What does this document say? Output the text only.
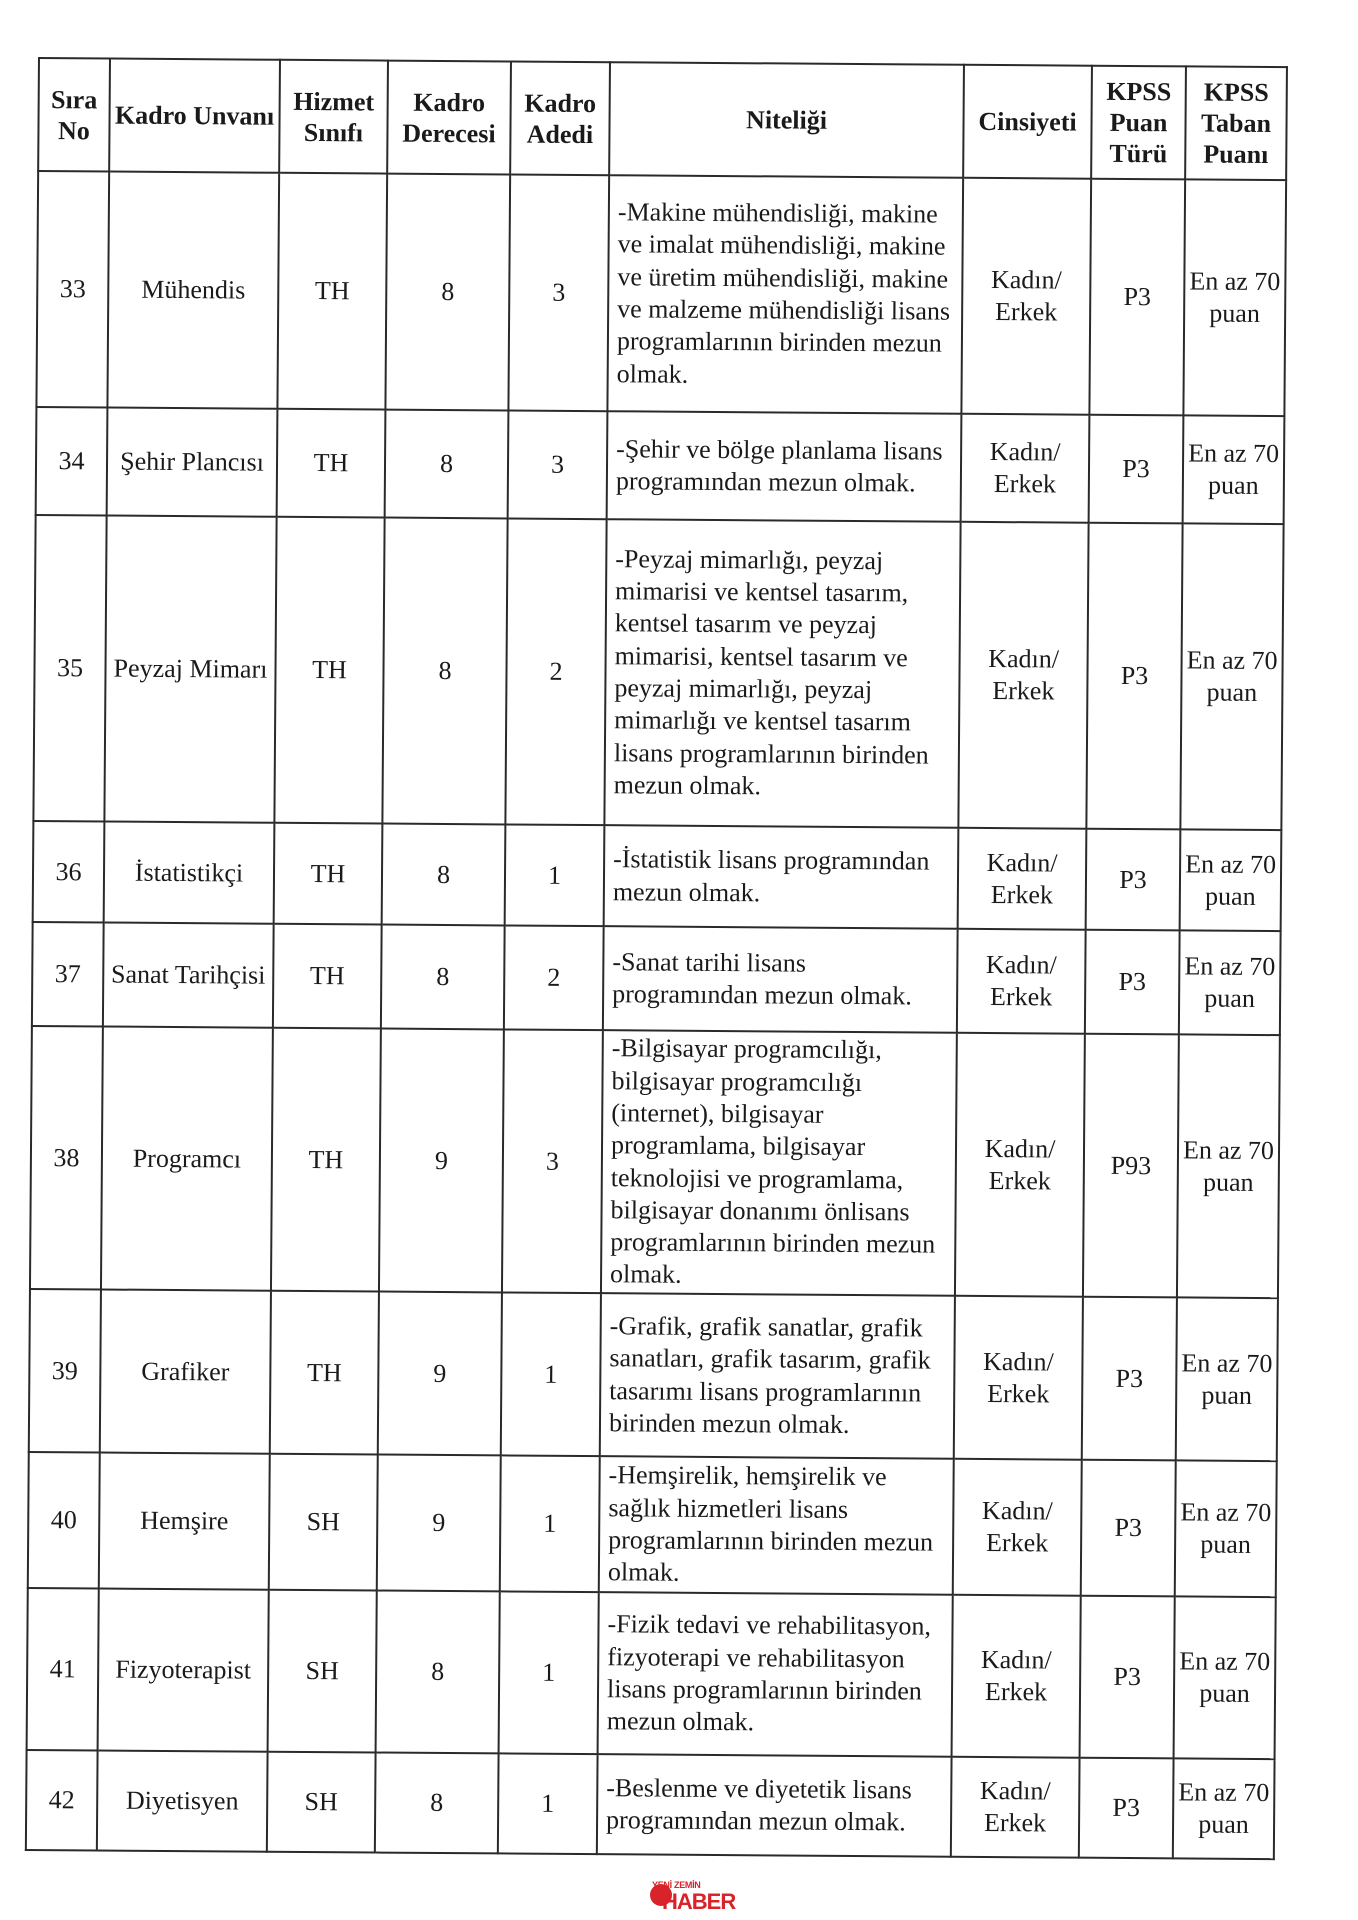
Sıra No	Kadro Unvanı	Hizmet Sınıfı	Kadro Derecesi	Kadro Adedi	Niteliği	Cinsiyeti	KPSS Puan Türü	KPSS Taban Puanı
33	Mühendis	TH	8	3	-Makine mühendisliği, makine ve imalat mühendisliği, makine ve üretim mühendisliği, makine ve malzeme mühendisliği lisans programlarının birinden mezun olmak.	Kadın/ Erkek	P3	En az 70 puan
34	Şehir Plancısı	TH	8	3	-Şehir ve bölge planlama lisans programından mezun olmak.	Kadın/ Erkek	P3	En az 70 puan
35	Peyzaj Mimarı	TH	8	2	-Peyzaj mimarlığı, peyzaj mimarisi ve kentsel tasarım, kentsel tasarım ve peyzaj mimarisi, kentsel tasarım ve peyzaj mimarlığı, peyzaj mimarlığı ve kentsel tasarım lisans programlarının birinden mezun olmak.	Kadın/ Erkek	P3	En az 70 puan
36	İstatistikçi	TH	8	1	-İstatistik lisans programından mezun olmak.	Kadın/ Erkek	P3	En az 70 puan
37	Sanat Tarihçisi	TH	8	2	-Sanat tarihi lisans programından mezun olmak.	Kadın/ Erkek	P3	En az 70 puan
38	Programcı	TH	9	3	-Bilgisayar programcılığı, bilgisayar programcılığı (internet), bilgisayar programlama, bilgisayar teknolojisi ve programlama, bilgisayar donanımı önlisans programlarının birinden mezun olmak.	Kadın/ Erkek	P93	En az 70 puan
39	Grafiker	TH	9	1	-Grafik, grafik sanatlar, grafik sanatları, grafik tasarım, grafik tasarımı lisans programlarının birinden mezun olmak.	Kadın/ Erkek	P3	En az 70 puan
40	Hemşire	SH	9	1	-Hemşirelik, hemşirelik ve sağlık hizmetleri lisans programlarının birinden mezun olmak.	Kadın/ Erkek	P3	En az 70 puan
41	Fizyoterapist	SH	8	1	-Fizik tedavi ve rehabilitasyon, fizyoterapi ve rehabilitasyon lisans programlarının birinden mezun olmak.	Kadın/ Erkek	P3	En az 70 puan
42	Diyetisyen	SH	8	1	-Beslenme ve diyetetik lisans programından mezun olmak.	Kadın/ Erkek	P3	En az 70 puan
YENİ ZEMİN
HABER
